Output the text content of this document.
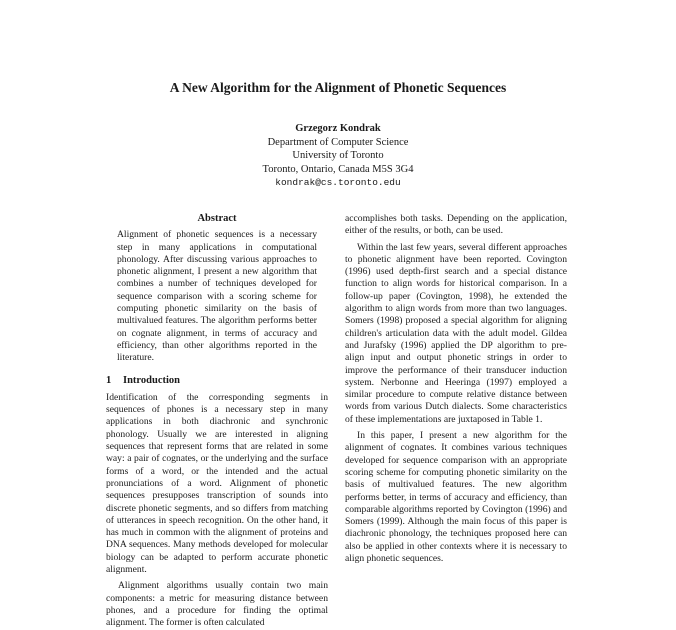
A New Algorithm for the Alignment of Phonetic Sequences
Grzegorz Kondrak
Department of Computer Science
University of Toronto
Toronto, Ontario, Canada M5S 3G4
kondrak@cs.toronto.edu
Abstract

Alignment of phonetic sequences is a necessary step in many applications in computational phonology. After discussing various approaches to phonetic alignment, I present a new algorithm that combines a number of techniques developed for sequence comparison with a scoring scheme for computing phonetic similarity on the basis of multivalued features. The algorithm performs better on cognate alignment, in terms of accuracy and efficiency, than other algorithms reported in the literature.

1 Introduction

Identification of the corresponding segments in sequences of phones is a necessary step in many applications in both diachronic and synchronic phonology. Usually we are interested in aligning sequences that represent forms that are related in some way: a pair of cognates, or the underlying and the surface forms of a word, or the intended and the actual pronunciations of a word. Alignment of phonetic sequences presupposes transcription of sounds into discrete phonetic segments, and so differs from matching of utterances in speech recognition. On the other hand, it has much in common with the alignment of proteins and DNA sequences. Many methods developed for molecular biology can be adapted to perform accurate phonetic alignment.

Alignment algorithms usually contain two main components: a metric for measuring distance between phones, and a procedure for finding the optimal alignment. The former is often calculated

accomplishes both tasks. Depending on the application, either of the results, or both, can be used.

Within the last few years, several different approaches to phonetic alignment have been reported. Covington (1996) used depth-first search and a special distance function to align words for historical comparison. In a follow-up paper (Covington, 1998), he extended the algorithm to align words from more than two languages. Somers (1998) proposed a special algorithm for aligning children's articulation data with the adult model. Gildea and Jurafsky (1996) applied the DP algorithm to pre-align input and output phonetic strings in order to improve the performance of their transducer induction system. Nerbonne and Heeringa (1997) employed a similar procedure to compute relative distance between words from various Dutch dialects. Some characteristics of these implementations are juxtaposed in Table 1.

In this paper, I present a new algorithm for the alignment of cognates. It combines various techniques developed for sequence comparison with an appropriate scoring scheme for computing phonetic similarity on the basis of multivalued features. The new algorithm performs better, in terms of accuracy and efficiency, than comparable algorithms reported by Covington (1996) and Somers (1999). Although the main focus of this paper is diachronic phonology, the techniques proposed here can also be applied in other contexts where it is necessary to align phonetic sequences.
